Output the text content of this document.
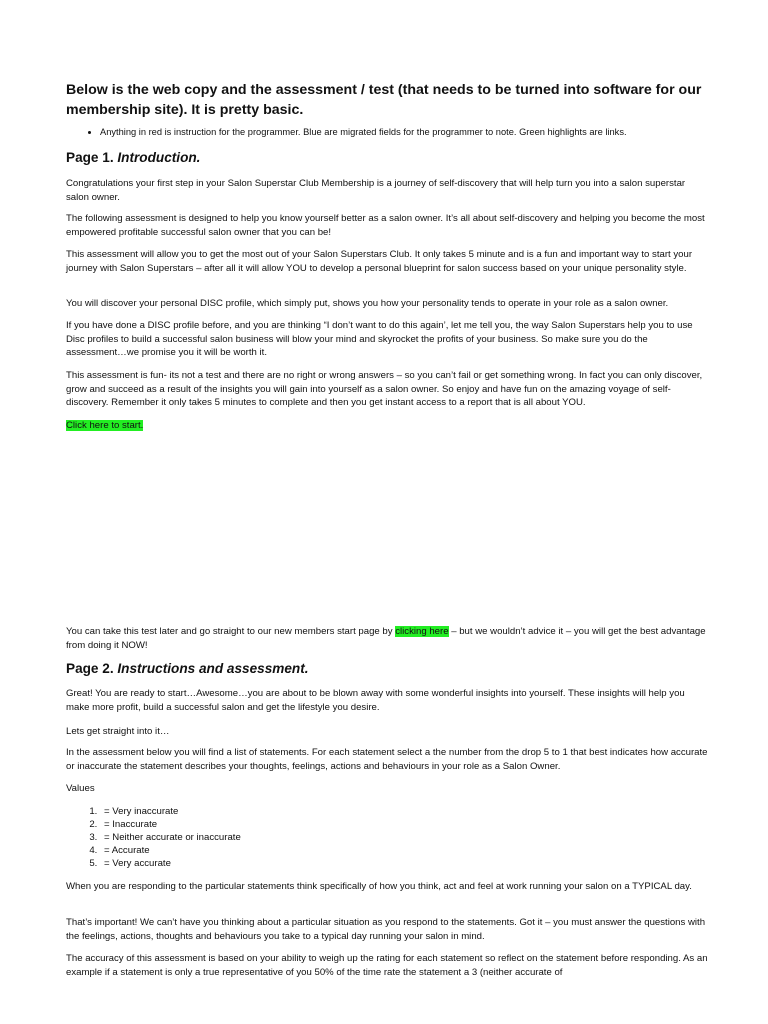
Below is the web copy and the assessment / test (that needs to be turned into software for our membership site). It is pretty basic.

• Anything in red is instruction for the programmer. Blue are migrated fields for the programmer to note. Green highlights are links.

Page 1. Introduction.

Congratulations your first step in your Salon Superstar Club Membership is a journey of self-discovery that will help turn you into a salon superstar salon owner.

The following assessment is designed to help you know yourself better as a salon owner. It’s all about self-discovery and helping you become the most empowered profitable successful salon owner that you can be!

This assessment will allow you to get the most out of your Salon Superstars Club. It only takes 5 minute and is a fun and important way to start your journey with Salon Superstars – after all it will allow YOU to develop a personal blueprint for salon success based on your unique personality style.

You will discover your personal DISC profile, which simply put, shows you how your personality tends to operate in your role as a salon owner.

If you have done a DISC profile before, and you are thinking “I don’t want to do this again’, let me tell you, the way Salon Superstars help you to use Disc profiles to build a successful salon business will blow your mind and skyrocket the profits of your business. So make sure you do the assessment…we promise you it will be worth it.

This assessment is fun- its not a test and there are no right or wrong answers – so you can’t fail or get something wrong. In fact you can only discover, grow and succeed as a result of the insights you will gain into yourself as a salon owner. So enjoy and have fun on the amazing voyage of self-discovery. Remember it only takes 5 minutes to complete and then you get instant access to a report that is all about YOU.

Click here to start.

You can take this test later and go straight to our new members start page by clicking here – but we wouldn’t advice it – you will get the best advantage from doing it NOW!

Page 2. Instructions and assessment.

Great! You are ready to start…Awesome…you are about to be blown away with some wonderful insights into yourself. These insights will help you make more profit, build a successful salon and get the lifestyle you desire.

Lets get straight into it…

In the assessment below you will find a list of statements. For each statement select a the number from the drop 5 to 1 that best indicates how accurate or inaccurate the statement describes your thoughts, feelings, actions and behaviours in your role as a Salon Owner.

Values

1. = Very inaccurate
2. = Inaccurate
3. = Neither accurate or inaccurate
4. = Accurate
5. = Very accurate

When you are responding to the particular statements think specifically of how you think, act and feel at work running your salon on a TYPICAL day.

That’s important! We can’t have you thinking about a particular situation as you respond to the statements. Got it – you must answer the questions with the feelings, actions, thoughts and behaviours you take to a typical day running your salon in mind.

The accuracy of this assessment is based on your ability to weigh up the rating for each statement so reflect on the statement before responding. As an example if a statement is only a true representative of you 50% of the time rate the statement a 3 (neither accurate of
